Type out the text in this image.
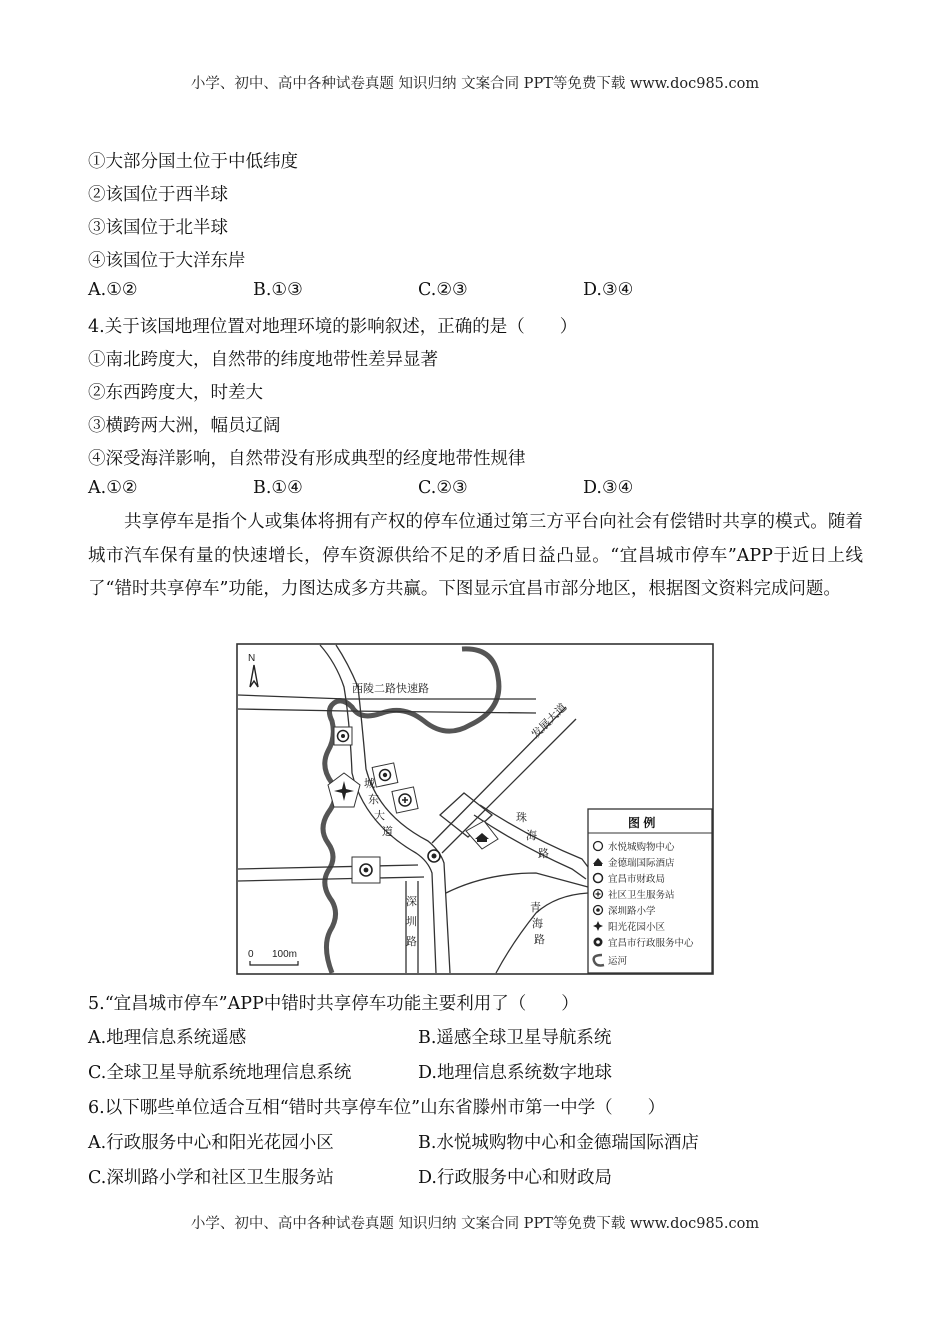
小学、初中、高中各种试卷真题 知识归纳 文案合同 PPT等免费下载 www.doc985.com
①大部分国土位于中低纬度
②该国位于西半球
③该国位于北半球
④该国位于大洋东岸
A.①②	B.①③	C.②③	D.③④
4.关于该国地理位置对地理环境的影响叙述，正确的是（　　）
①南北跨度大，自然带的纬度地带性差异显著
②东西跨度大，时差大
③横跨两大洲，幅员辽阔
④深受海洋影响，自然带没有形成典型的经度地带性规律
A.①②	B.①④	C.②③	D.③④
共享停车是指个人或集体将拥有产权的停车位通过第三方平台向社会有偿错时共享的模式。随着城市汽车保有量的快速增长，停车资源供给不足的矛盾日益凸显。“宜昌城市停车”APP于近日上线了“错时共享停车”功能，力图达成多方共赢。下图显示宜昌市部分地区，根据图文资料完成问题。
N
西陵二路快速路
发展大道
城
东
大
道
珠
海
路
青
海
路
深
圳
路
0 100m
图 例
水悦城购物中心
金德瑞国际酒店
宜昌市财政局
社区卫生服务站
深圳路小学
阳光花园小区
宜昌市行政服务中心
运河
5.“宜昌城市停车”APP中错时共享停车功能主要利用了（　　）
A.地理信息系统遥感	B.遥感全球卫星导航系统
C.全球卫星导航系统地理信息系统	D.地理信息系统数字地球
6.以下哪些单位适合互相“错时共享停车位”山东省滕州市第一中学（　　）
A.行政服务中心和阳光花园小区	B.水悦城购物中心和金德瑞国际酒店
C.深圳路小学和社区卫生服务站	D.行政服务中心和财政局
小学、初中、高中各种试卷真题 知识归纳 文案合同 PPT等免费下载 www.doc985.com
